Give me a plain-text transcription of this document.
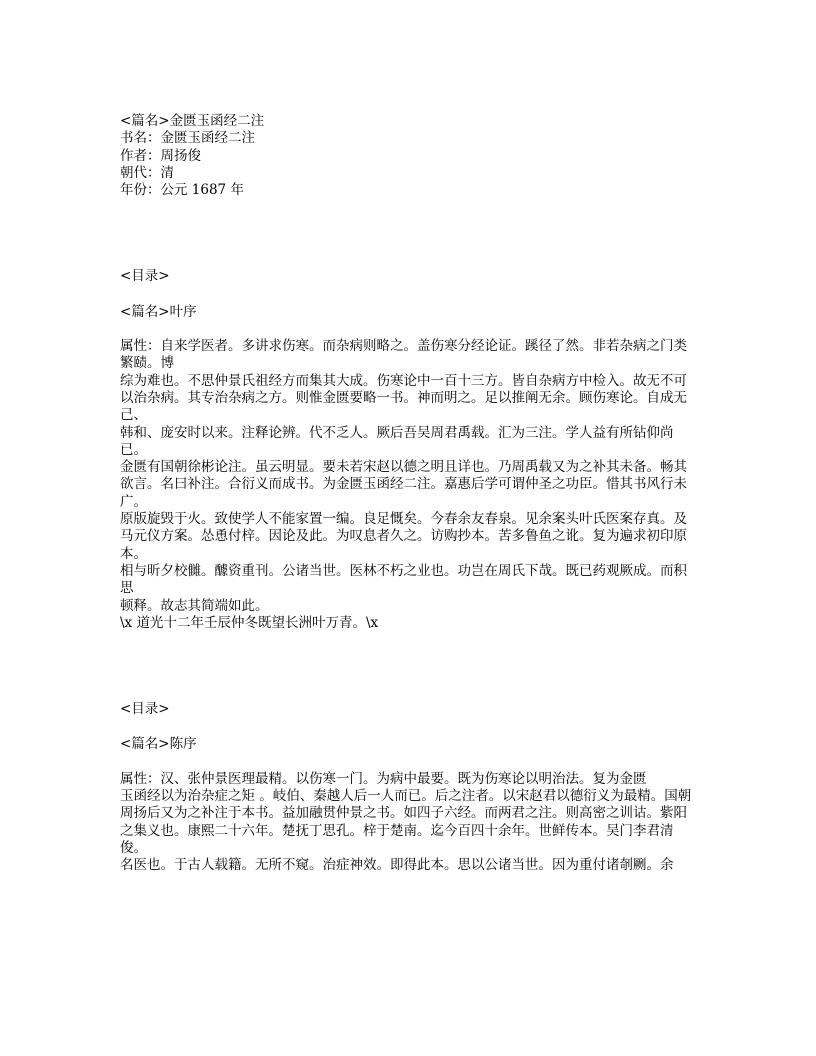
<篇名>金匮玉函经二注
书名：金匮玉函经二注
作者：周扬俊
朝代：清
年份：公元 1687 年
<目录>
<篇名>叶序
属性：自来学医者。多讲求伤寒。而杂病则略之。盖伤寒分经论证。蹊径了然。非若杂病之门类繁赜。博
综为难也。不思仲景氏祖经方而集其大成。伤寒论中一百十三方。皆自杂病方中检入。故无不可
以治杂病。其专治杂病之方。则惟金匮要略一书。神而明之。足以推阐无余。顾伤寒论。自成无己、
韩和、庞安时以来。注释论辨。代不乏人。厥后吾吴周君禹载。汇为三注。学人益有所钻仰尚已。
金匮有国朝徐彬论注。虽云明显。要未若宋赵以德之明且详也。乃周禹载又为之补其未备。畅其欲言。名曰补注。合衍义而成书。为金匮玉函经二注。嘉惠后学可谓仲圣之功臣。惜其书风行未广。
原版旋毁于火。致使学人不能家置一编。良足慨矣。今春余友春泉。见余案头叶氏医案存真。及
马元仪方案。怂恿付梓。因论及此。为叹息者久之。访购抄本。苦多鲁鱼之讹。复为遍求初印原本。
相与昕夕校雠。醵资重刊。公诸当世。医林不朽之业也。功岂在周氏下哉。既已药观厥成。而积思
顿释。故志其简端如此。
\x 道光十二年壬辰仲冬既望长洲叶万青。\x
<目录>
<篇名>陈序
属性：汉、张仲景医理最精。以伤寒一门。为病中最要。既为伤寒论以明治法。复为金匮
玉函经以为治杂症之矩 。岐伯、秦越人后一人而已。后之注者。以宋赵君以德衍义为最精。国朝
周扬后又为之补注于本书。益加融贯仲景之书。如四子六经。而两君之注。则高密之训诂。紫阳
之集义也。康熙二十六年。楚抚丁思孔。梓于楚南。迄今百四十余年。世鲜传本。吴门李君清俊。
名医也。于古人载籍。无所不窥。治症神效。即得此本。思以公诸当世。因为重付诸剞劂。余
